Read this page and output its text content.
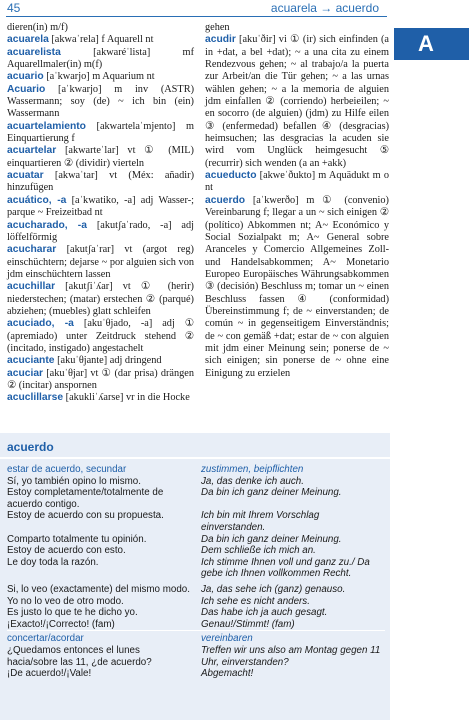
45	acuarela → acuerdo
A

dieren(in) m/f)

acuarela [akwaˈrela] f Aquarell nt

acuarelista [akwaréˈlista] mf Aquarellmaler(in) m(f)

acuario [aˈkwarjo] m Aquarium nt

Acuario [aˈkwarjo] m inv (ASTR) Wassermann; soy (de) ~ ich bin (ein) Wassermann

acuartelamiento [akwartelaˈmjento] m Einquartierung f

acuartelar [akwarteˈlar] vt ① (MIL) einquartieren ② (dividir) vierteln

acuatar [akwaˈtar] vt (Méx: añadir) hinzufügen

acuático, -a [aˈkwatiko, -a] adj Wasser-; parque ~ Freizeitbad nt

acucharado, -a [akutʃaˈrado, -a] adj löffelförmig

acucharar [akutʃaˈrar] vt (argot reg) einschüchtern; dejarse ~ por alguien sich von jdm einschüchtern lassen

acuchillar [akutʃiˈʎar] vt ① (herir) niederstechen; (matar) erstechen ② (parqué) abziehen; (muebles) glatt schleifen

acuciado, -a [akuˈθjado, -a] adj ① (apremiado) unter Zeitdruck stehend ② (incitado, instigado) angestachelt

acuciante [akuˈθjante] adj dringend

acuciar [akuˈθjar] vt ① (dar prisa) drängen ② (incitar) anspornen

acuclillarse [akukliˈʎarse] vr in die Hocke

gehen

acudir [akuˈðir] vi ① (ir) sich einfinden (a in +dat, a bel +dat); ~ a una cita zu einem Rendezvous gehen; ~ al trabajo/a la puerta zur Arbeit/an die Tür gehen; ~ a las urnas wählen gehen; ~ a la memoria de alguien jdm einfallen ② (corriendo) herbeieilen; ~ en socorro (de alguien) (jdm) zu Hilfe eilen ③ (enfermedad) befallen ④ (desgracias) heimsuchen; las desgracias la acuden sie wird vom Unglück heimgesucht ⑤ (recurrir) sich wenden (a an +akk)

acueducto [akweˈðukto] m Aquädukt m o nt

acuerdo [aˈkwerðo] m ① (convenio) Vereinbarung f; llegar a un ~ sich einigen ② (político) Abkommen nt; A~ Económico y Social Sozialpakt m; A~ General sobre Aranceles y Comercio Allgemeines Zoll- und Handelsabkommen; A~ Monetario Europeo Europäisches Währungsabkommen ③ (decisión) Beschluss m; tomar un ~ einen Beschluss fassen ④ (conformidad) Übereinstimmung f; de ~ einverstanden; de común ~ in gegenseitigem Einverständnis; de ~ con gemäß +dat; estar de ~ con alguien mit jdm einer Meinung sein; ponerse de ~ sich einigen; sin ponerse de ~ ohne eine Einigung zu erzielen

acuerdo
estar de acuerdo, secundar	zustimmen, beipflichten
Sí, yo también opino lo mismo.	Ja, das denke ich auch.
Estoy completamente/totalmente de acuerdo contigo.	Da bin ich ganz deiner Meinung.
Estoy de acuerdo con su propuesta.	Ich bin mit Ihrem Vorschlag einverstanden.
Comparto totalmente tu opinión.	Da bin ich ganz deiner Meinung.
Estoy de acuerdo con esto.	Dem schließe ich mich an.
Le doy toda la razón.	Ich stimme Ihnen voll und ganz zu./ Da gebe ich Ihnen vollkommen Recht.
Si, lo veo (exactamente) del mismo modo.	Ja, das sehe ich (ganz) genauso.
Yo no lo veo de otro modo.	Ich sehe es nicht anders.
Es justo lo que te he dicho yo.	Das habe ich ja auch gesagt.
¡Exacto!/¡Correcto! (fam)	Genau!/Stimmt! (fam)
concertar/acordar	vereinbaren
¿Quedamos entonces el lunes hacia/sobre las 11, ¿de acuerdo?	Treffen wir uns also am Montag gegen 11 Uhr, einverstanden?
¡De acuerdo!/¡Vale!	Abgemacht!
